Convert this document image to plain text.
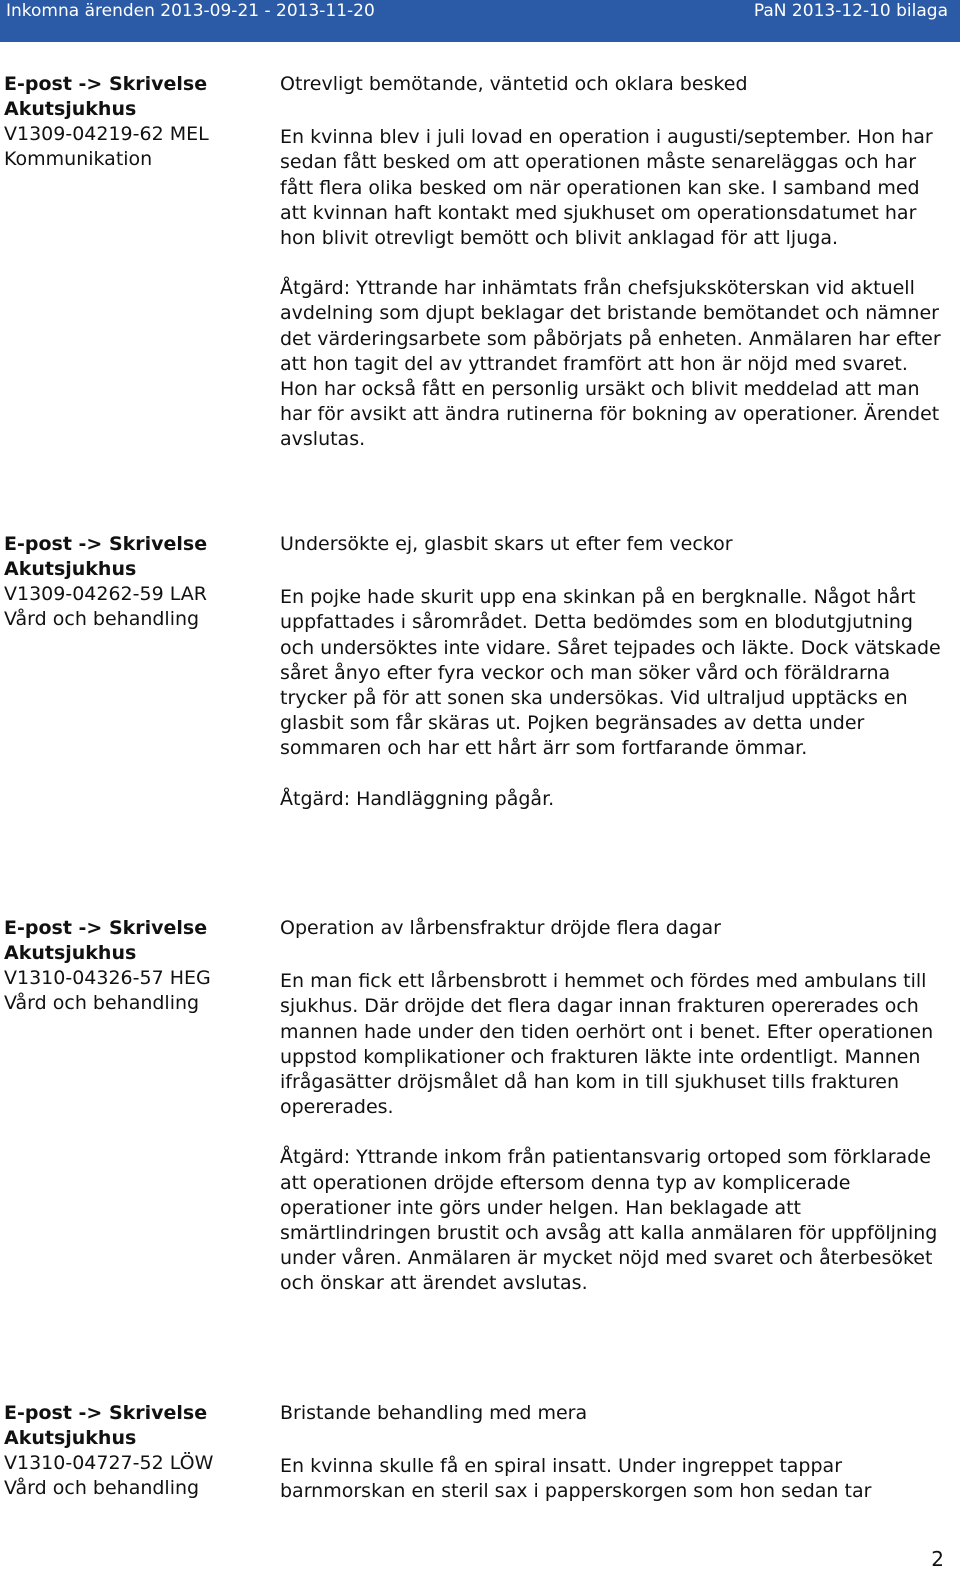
Inkomna ärenden 2013-09-21 - 2013-11-20	PaN 2013-12-10 bilaga
E-post -> Skrivelse
Akutsjukhus
V1309-04219-62 MEL
Kommunikation
Otrevligt bemötande, väntetid och oklara besked

En kvinna blev i juli lovad en operation i augusti/september. Hon har sedan fått besked om att operationen måste senareläggas och har fått flera olika besked om när operationen kan ske. I samband med att kvinnan haft kontakt med sjukhuset om operationsdatumet har hon blivit otrevligt bemött och blivit anklagad för att ljuga.

Åtgärd: Yttrande har inhämtats från chefsjuksköterskan vid aktuell avdelning som djupt beklagar det bristande bemötandet och nämner det värderingsarbete som påbörjats på enheten. Anmälaren har efter att hon tagit del av yttrandet framfört att hon är nöjd med svaret. Hon har också fått en personlig ursäkt och blivit meddelad att man har för avsikt att ändra rutinerna för bokning av operationer. Ärendet avslutas.

E-post -> Skrivelse
Akutsjukhus
V1309-04262-59 LAR
Vård och behandling
Undersökte ej, glasbit skars ut efter fem veckor

En pojke hade skurit upp ena skinkan på en bergknalle. Något hårt uppfattades i sårområdet. Detta bedömdes som en blodutgjutning och undersöktes inte vidare. Såret tejpades och läkte. Dock vätskade såret ånyo efter fyra veckor och man söker vård och föräldrarna trycker på för att sonen ska undersökas. Vid ultraljud upptäcks en glasbit som får skäras ut. Pojken begränsades av detta under sommaren och har ett hårt ärr som fortfarande ömmar.

Åtgärd: Handläggning pågår.

E-post -> Skrivelse
Akutsjukhus
V1310-04326-57 HEG
Vård och behandling
Operation av lårbensfraktur dröjde flera dagar

En man fick ett lårbensbrott i hemmet och fördes med ambulans till sjukhus. Där dröjde det flera dagar innan frakturen opererades och mannen hade under den tiden oerhört ont i benet. Efter operationen uppstod komplikationer och frakturen läkte inte ordentligt. Mannen ifrågasätter dröjsmålet då han kom in till sjukhuset tills frakturen opererades.

Åtgärd: Yttrande inkom från patientansvarig ortoped som förklarade att operationen dröjde eftersom denna typ av komplicerade operationer inte görs under helgen. Han beklagade att smärtlindringen brustit och avsåg att kalla anmälaren för uppföljning under våren. Anmälaren är mycket nöjd med svaret och återbesöket och önskar att ärendet avslutas.

E-post -> Skrivelse
Akutsjukhus
V1310-04727-52 LÖW
Vård och behandling
Bristande behandling med mera

En kvinna skulle få en spiral insatt. Under ingreppet tappar barnmorskan en steril sax i papperskorgen som hon sedan tar

2
